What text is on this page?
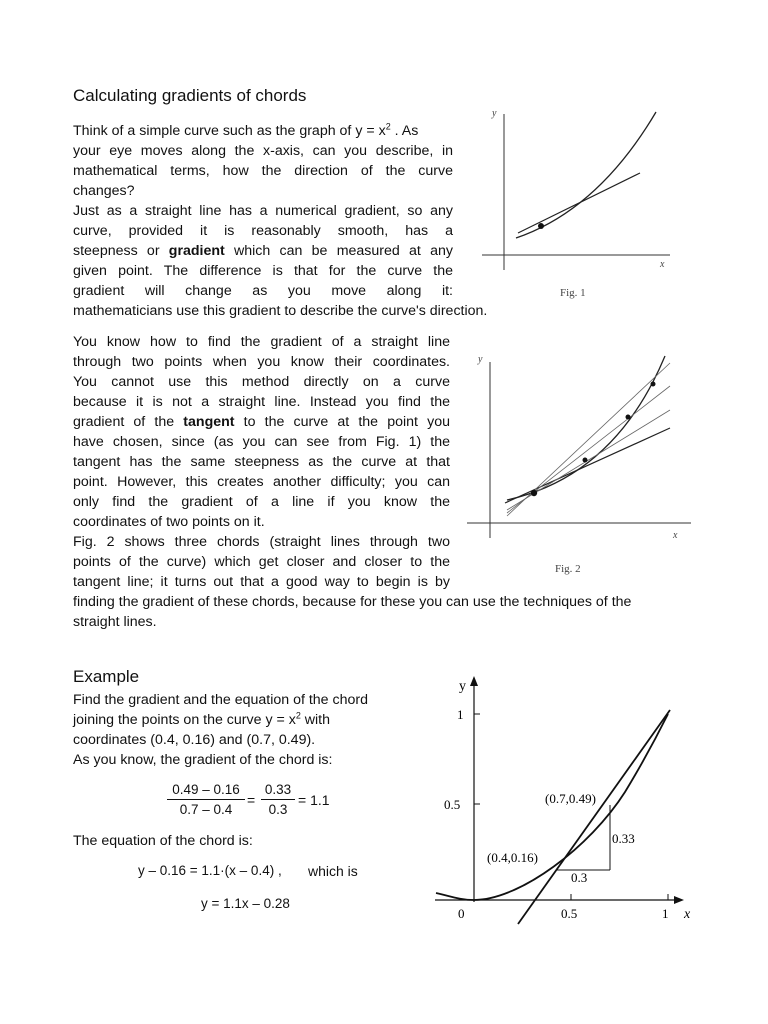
Calculating gradients of chords
Think of a simple curve such as the graph of $y = x^2$ . As
your eye moves along the x-axis, can you describe, in
mathematical terms, how the direction of the curve
changes?
Just as a straight line has a numerical gradient, so any
curve, provided it is reasonably smooth, has a
steepness or gradient which can be measured at any
given point. The difference is that for the curve the
gradient will change as you move along it:
mathematicians use this gradient to describe the curve's direction.
y
x
Fig. 1
You know how to find the gradient of a straight line
through two points when you know their coordinates.
You cannot use this method directly on a curve
because it is not a straight line. Instead you find the
gradient of the tangent to the curve at the point you
have chosen, since (as you can see from Fig. 1) the
tangent has the same steepness as the curve at that
point. However, this creates another difficulty; you can
only find the gradient of a line if you know the
coordinates of two points on it.
Fig. 2 shows three chords (straight lines through two
points of the curve) which get closer and closer to the
tangent line; it turns out that a good way to begin is by
finding the gradient of these chords, because for these you can use the techniques of the
straight lines.
y
x
Fig. 2
Example
Find the gradient and the equation of the chord
joining the points on the curve $y = x^2$ with
coordinates (0.4, 0.16) and (0.7, 0.49).
As you know, the gradient of the chord is:
$\frac{0.49 - 0.16}{0.7 - 0.4} = \frac{0.33}{0.3} = 1.1$
The equation of the chord is:
y – 0.16 = 1.1·(x – 0.4) , which is
y = 1.1x – 0.28
y
x
1
0.5
0	0.5	1
(0.4,0.16)
(0.7,0.49)
0.33
0.3
